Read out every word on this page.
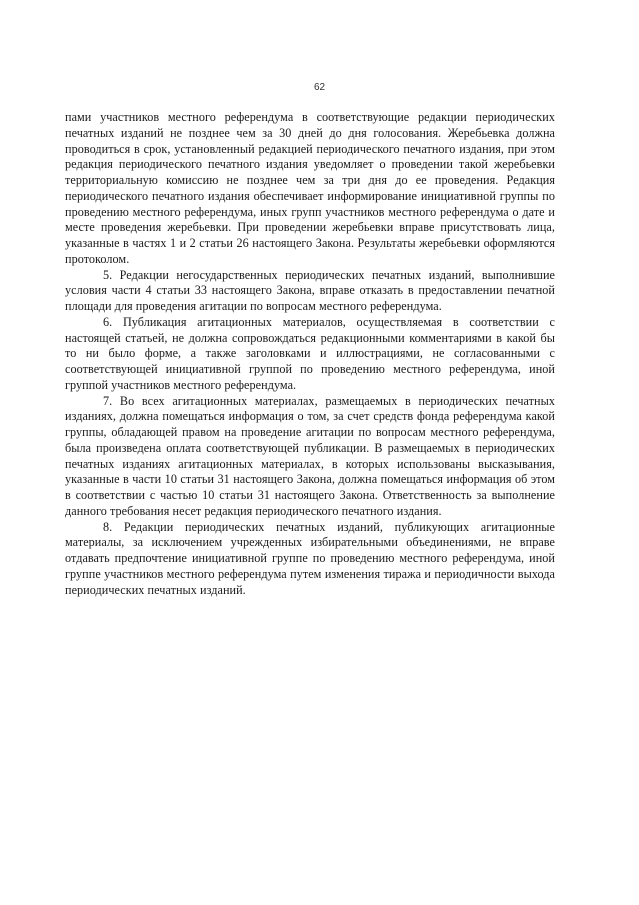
62

пами участников местного референдума в соответствующие редакции периодических печатных изданий не позднее чем за 30 дней до дня голосования. Жеребьевка должна проводиться в срок, установленный редакцией периодического печатного издания, при этом редакция периодического печатного издания уведомляет о проведении такой жеребьевки территориальную комиссию не позднее чем за три дня до ее проведения. Редакция периодического печатного издания обеспечивает информирование инициативной группы по проведению местного референдума, иных групп участников местного референдума о дате и месте проведения жеребьевки. При проведении жеребьевки вправе присутствовать лица, указанные в частях 1 и 2 статьи 26 настоящего Закона. Результаты жеребьевки оформляются протоколом.

5. Редакции негосударственных периодических печатных изданий, выполнившие условия части 4 статьи 33 настоящего Закона, вправе отказать в предоставлении печатной площади для проведения агитации по вопросам местного референдума.

6. Публикация агитационных материалов, осуществляемая в соответствии с настоящей статьей, не должна сопровождаться редакционными комментариями в какой бы то ни было форме, а также заголовками и иллюстрациями, не согласованными с соответствующей инициативной группой по проведению местного референдума, иной группой участников местного референдума.

7. Во всех агитационных материалах, размещаемых в периодических печатных изданиях, должна помещаться информация о том, за счет средств фонда референдума какой группы, обладающей правом на проведение агитации по вопросам местного референдума, была произведена оплата соответствующей публикации. В размещаемых в периодических печатных изданиях агитационных материалах, в которых использованы высказывания, указанные в части 10 статьи 31 настоящего Закона, должна помещаться информация об этом в соответствии с частью 10 статьи 31 настоящего Закона. Ответственность за выполнение данного требования несет редакция периодического печатного издания.

8. Редакции периодических печатных изданий, публикующих агитационные материалы, за исключением учрежденных избирательными объединениями, не вправе отдавать предпочтение инициативной группе по проведению местного референдума, иной группе участников местного референдума путем изменения тиража и периодичности выхода периодических печатных изданий.
